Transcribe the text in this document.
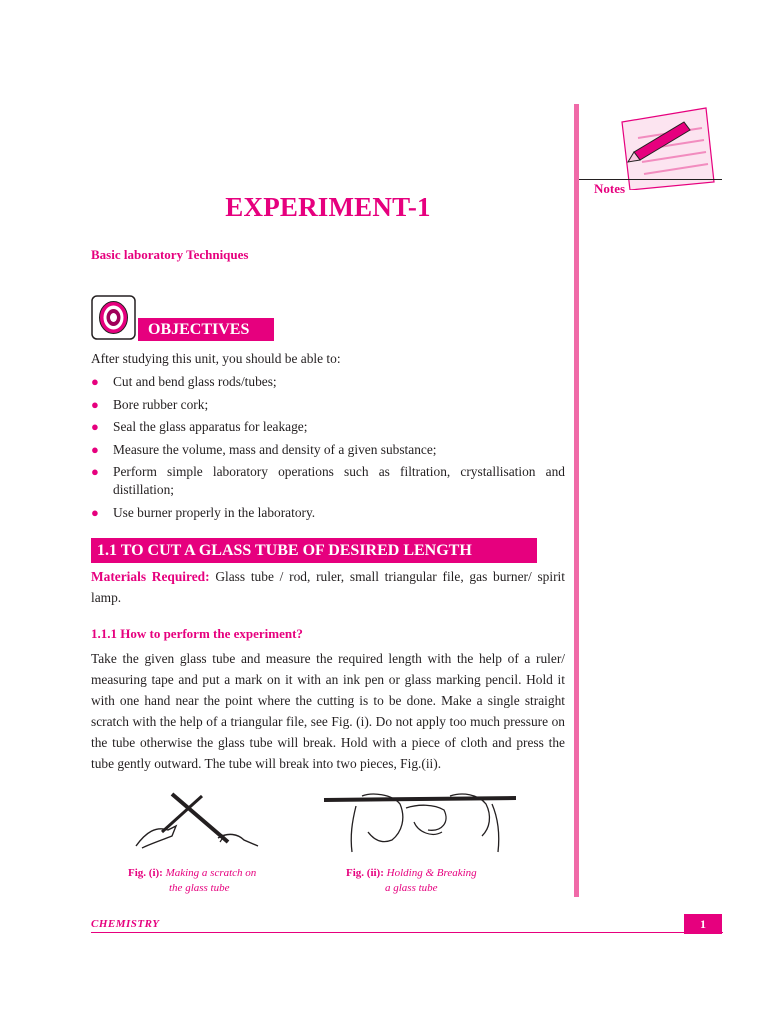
Notes
EXPERIMENT-1
Basic laboratory Techniques
OBJECTIVES
After studying this unit, you should be able to:
● Cut and bend glass rods/tubes;
● Bore rubber cork;
● Seal the glass apparatus for leakage;
● Measure the volume, mass and density of a given substance;
● Perform simple laboratory operations such as filtration, crystallisation and distillation;
● Use burner properly in the laboratory.
1.1 TO CUT A GLASS TUBE OF DESIRED LENGTH
Materials Required: Glass tube / rod, ruler, small triangular file, gas burner/ spirit lamp.
1.1.1 How to perform the experiment?
Take the given glass tube and measure the required length with the help of a ruler/ measuring tape and put a mark on it with an ink pen or glass marking pencil. Hold it with one hand near the point where the cutting is to be done. Make a single straight scratch with the help of a triangular file, see Fig. (i). Do not apply too much pressure on the tube otherwise the glass tube will break. Hold with a piece of cloth and press the tube gently outward. The tube will break into two pieces, Fig.(ii).
Fig. (i): Making a scratch on
the glass tube
Fig. (ii): Holding & Breaking
a glass tube
CHEMISTRY	1
